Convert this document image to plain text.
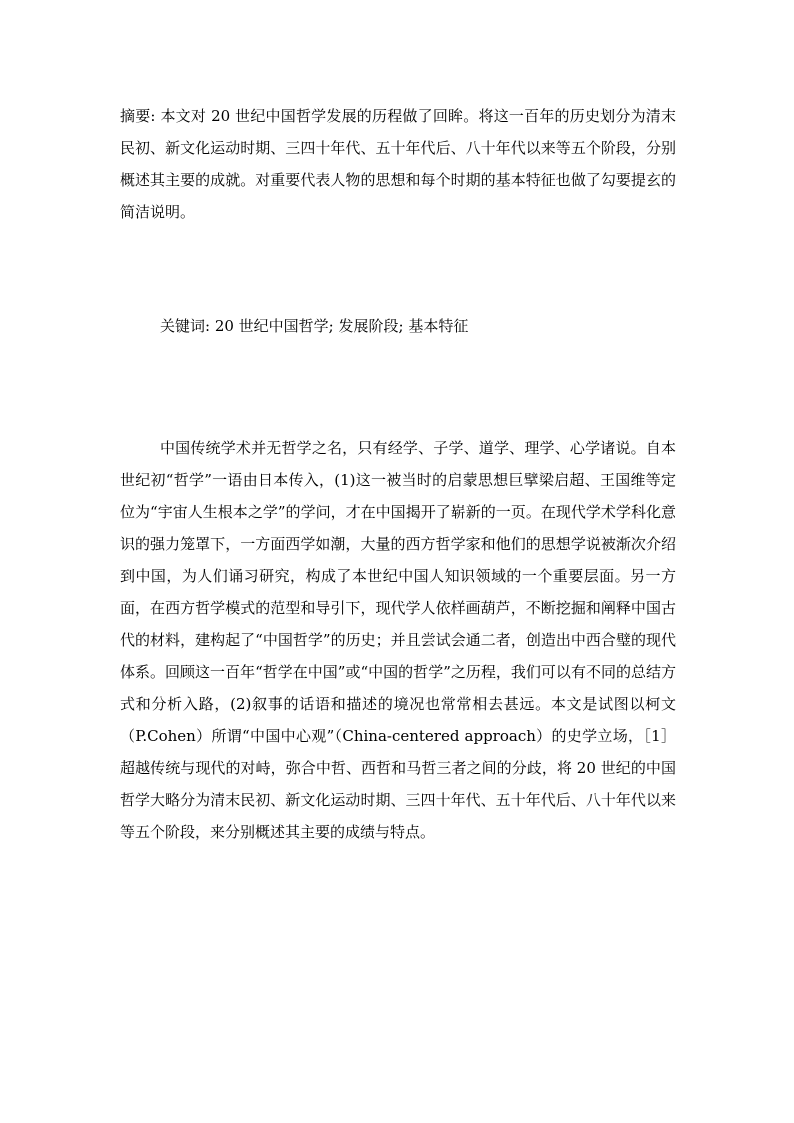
摘要: 本文对 20 世纪中国哲学发展的历程做了回眸。将这一百年的历史划分为清末民初、新文化运动时期、三四十年代、五十年代后、八十年代以来等五个阶段，分别概述其主要的成就。对重要代表人物的思想和每个时期的基本特征也做了勾要提玄的简洁说明。

关键词: 20 世纪中国哲学; 发展阶段; 基本特征

中国传统学术并无哲学之名，只有经学、子学、道学、理学、心学诸说。自本世纪初“哲学”一语由日本传入，(1)这一被当时的启蒙思想巨擘梁启超、王国维等定位为“宇宙人生根本之学”的学问，才在中国揭开了崭新的一页。在现代学术学科化意识的强力笼罩下，一方面西学如潮，大量的西方哲学家和他们的思想学说被渐次介绍到中国，为人们诵习研究，构成了本世纪中国人知识领域的一个重要层面。另一方面，在西方哲学模式的范型和导引下，现代学人依样画葫芦，不断挖掘和阐释中国古代的材料，建构起了“中国哲学”的历史；并且尝试会通二者，创造出中西合璧的现代体系。回顾这一百年“哲学在中国”或“中国的哲学”之历程，我们可以有不同的总结方式和分析入路，(2)叙事的话语和描述的境况也常常相去甚远。本文是试图以柯文（P.Cohen）所谓“中国中心观”（China-centered approach）的史学立场，［1］超越传统与现代的对峙，弥合中哲、西哲和马哲三者之间的分歧，将 20 世纪的中国哲学大略分为清末民初、新文化运动时期、三四十年代、五十年代后、八十年代以来等五个阶段，来分别概述其主要的成绩与特点。
